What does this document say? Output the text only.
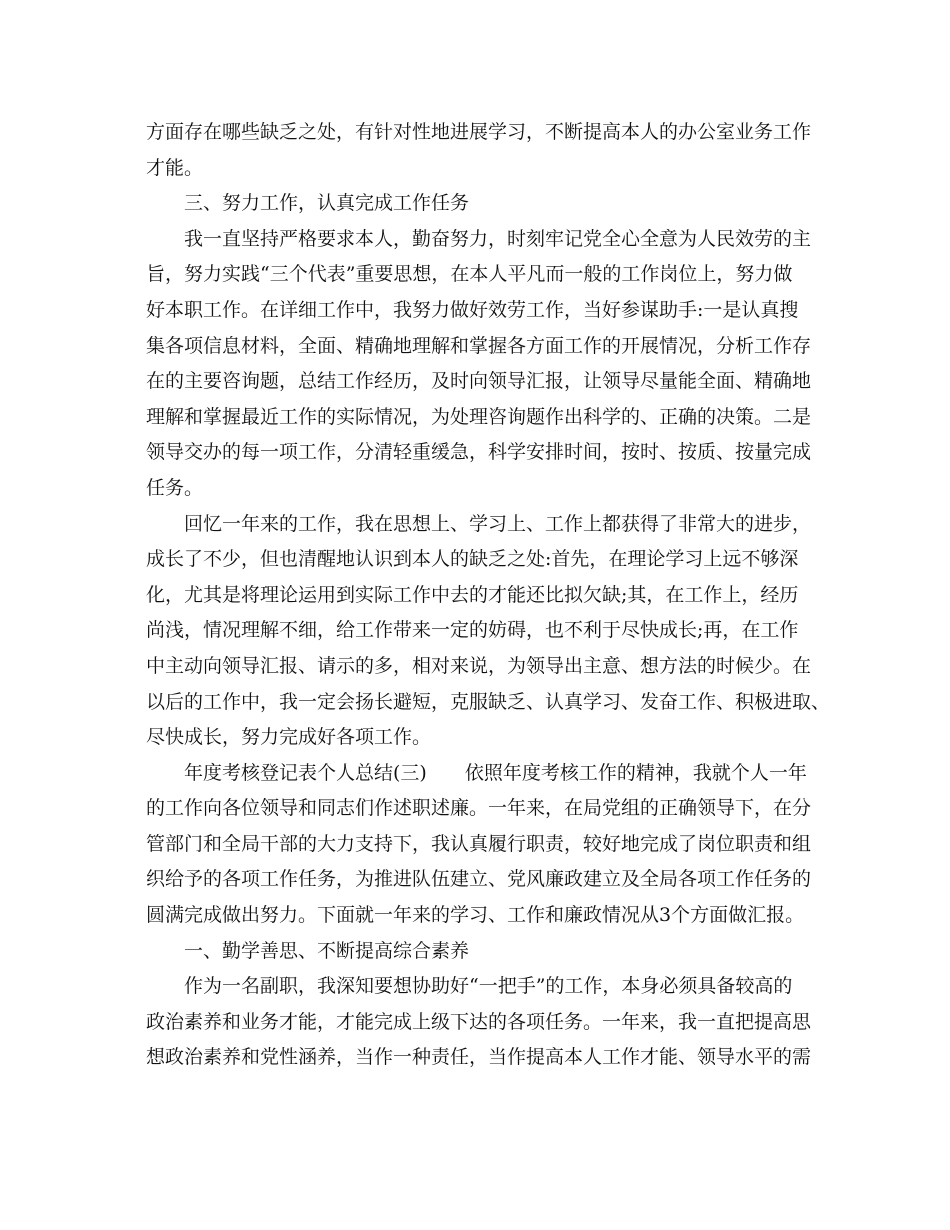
方面存在哪些缺乏之处，有针对性地进展学习，不断提高本人的办公室业务工作

才能。

三、努力工作，认真完成工作任务

我一直坚持严格要求本人，勤奋努力，时刻牢记党全心全意为人民效劳的主

旨，努力实践“三个代表”重要思想，在本人平凡而一般的工作岗位上，努力做

好本职工作。在详细工作中，我努力做好效劳工作，当好参谋助手:一是认真搜

集各项信息材料，全面、精确地理解和掌握各方面工作的开展情况，分析工作存

在的主要咨询题，总结工作经历，及时向领导汇报，让领导尽量能全面、精确地

理解和掌握最近工作的实际情况，为处理咨询题作出科学的、正确的决策。二是

领导交办的每一项工作，分清轻重缓急，科学安排时间，按时、按质、按量完成

任务。

回忆一年来的工作，我在思想上、学习上、工作上都获得了非常大的进步，

成长了不少，但也清醒地认识到本人的缺乏之处:首先，在理论学习上远不够深

化，尤其是将理论运用到实际工作中去的才能还比拟欠缺;其，在工作上，经历

尚浅，情况理解不细，给工作带来一定的妨碍，也不利于尽快成长;再，在工作

中主动向领导汇报、请示的多，相对来说，为领导出主意、想方法的时候少。在

以后的工作中，我一定会扬长避短，克服缺乏、认真学习、发奋工作、积极进取、

尽快成长，努力完成好各项工作。

年度考核登记表个人总结(三)　　依照年度考核工作的精神，我就个人一年

的工作向各位领导和同志们作述职述廉。一年来，在局党组的正确领导下，在分

管部门和全局干部的大力支持下，我认真履行职责，较好地完成了岗位职责和组

织给予的各项工作任务，为推进队伍建立、党风廉政建立及全局各项工作任务的

圆满完成做出努力。下面就一年来的学习、工作和廉政情况从3个方面做汇报。

一、勤学善思、不断提高综合素养

作为一名副职，我深知要想协助好“一把手”的工作，本身必须具备较高的

政治素养和业务才能，才能完成上级下达的各项任务。一年来，我一直把提高思

想政治素养和党性涵养，当作一种责任，当作提高本人工作才能、领导水平的需
